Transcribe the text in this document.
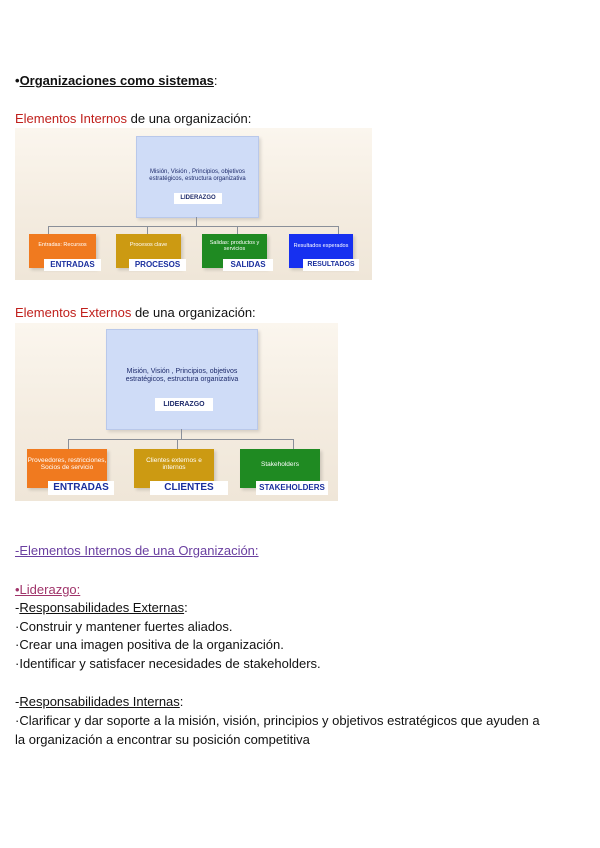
•Organizaciones como sistemas:
Elementos Internos de una organización:
Misión, Visión , Principios, objetivos estratégicos, estructura organizativa
LIDERAZGO
Entradas: Recursos
ENTRADAS
Procesos clave
PROCESOS
Salidas: productos y servicios
SALIDAS
Resultados esperados
RESULTADOS
Elementos Externos de una organización:
Misión, Visión , Principios, objetivos estratégicos, estructura organizativa
LIDERAZGO
Proveedores, restricciones, Socios de servicio
ENTRADAS
Clientes externos e internos
CLIENTES
Stakeholders
STAKEHOLDERS
-Elementos Internos de una Organización:
•Liderazgo:
-Responsabilidades Externas:
·Construir y mantener fuertes aliados.
·Crear una imagen positiva de la organización.
·Identificar y satisfacer necesidades de stakeholders.
-Responsabilidades Internas:
·Clarificar y dar soporte a la misión, visión, principios y objetivos estratégicos que ayuden a
la organización a encontrar su posición competitiva
